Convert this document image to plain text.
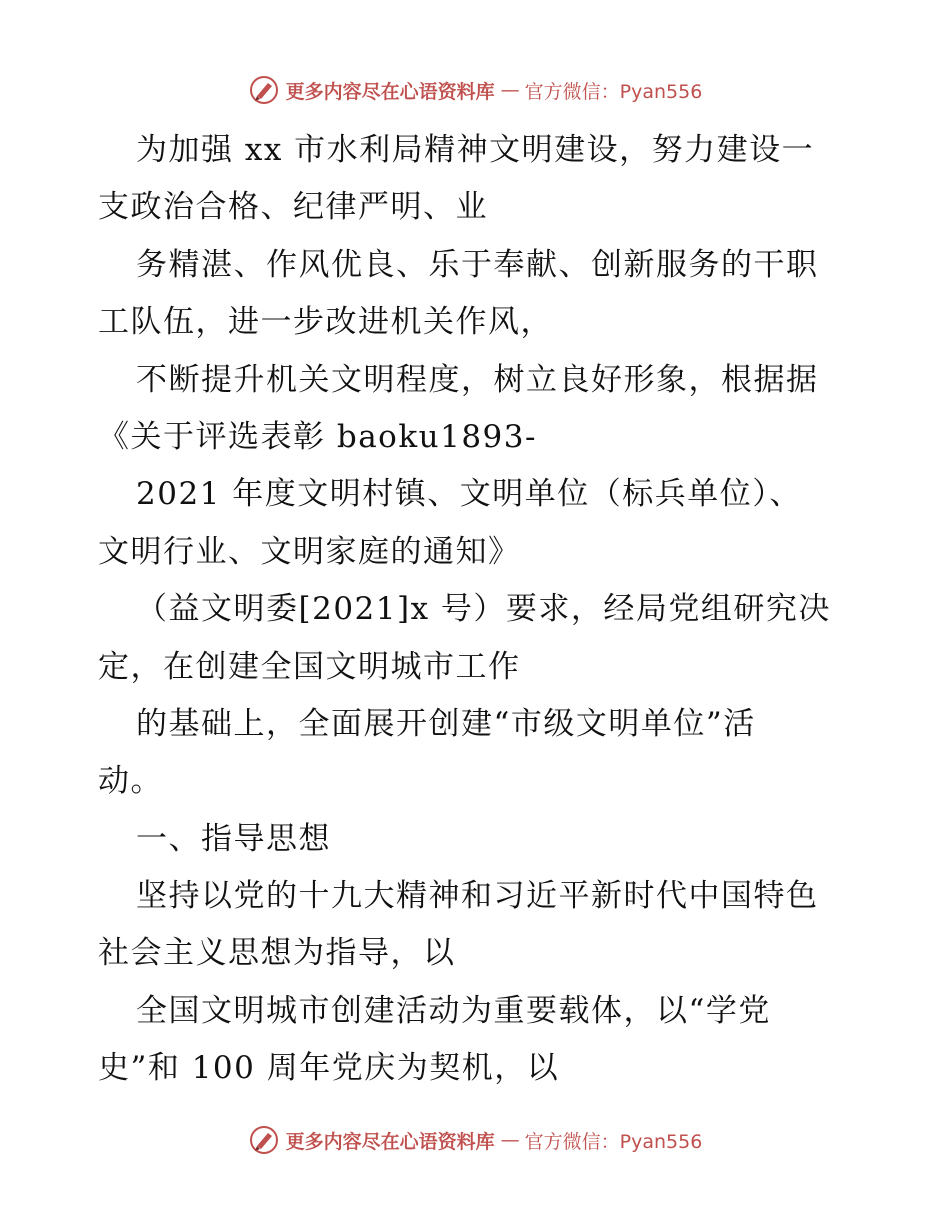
更多内容尽在心语资料库 — 官方微信：Pyan556
为加强 xx 市水利局精神文明建设，努力建设一
支政治合格、纪律严明、业
务精湛、作风优良、乐于奉献、创新服务的干职
工队伍，进一步改进机关作风，
不断提升机关文明程度，树立良好形象，根据据
《关于评选表彰 baoku1893-
2021 年度文明村镇、文明单位（标兵单位）、
文明行业、文明家庭的通知》
（益文明委[2021]x 号）要求，经局党组研究决
定，在创建全国文明城市工作
的基础上，全面展开创建“市级文明单位”活
动。
一、指导思想
坚持以党的十九大精神和习近平新时代中国特色
社会主义思想为指导，以
全国文明城市创建活动为重要载体，以“学党
史”和 100 周年党庆为契机，以
更多内容尽在心语资料库 — 官方微信：Pyan556
